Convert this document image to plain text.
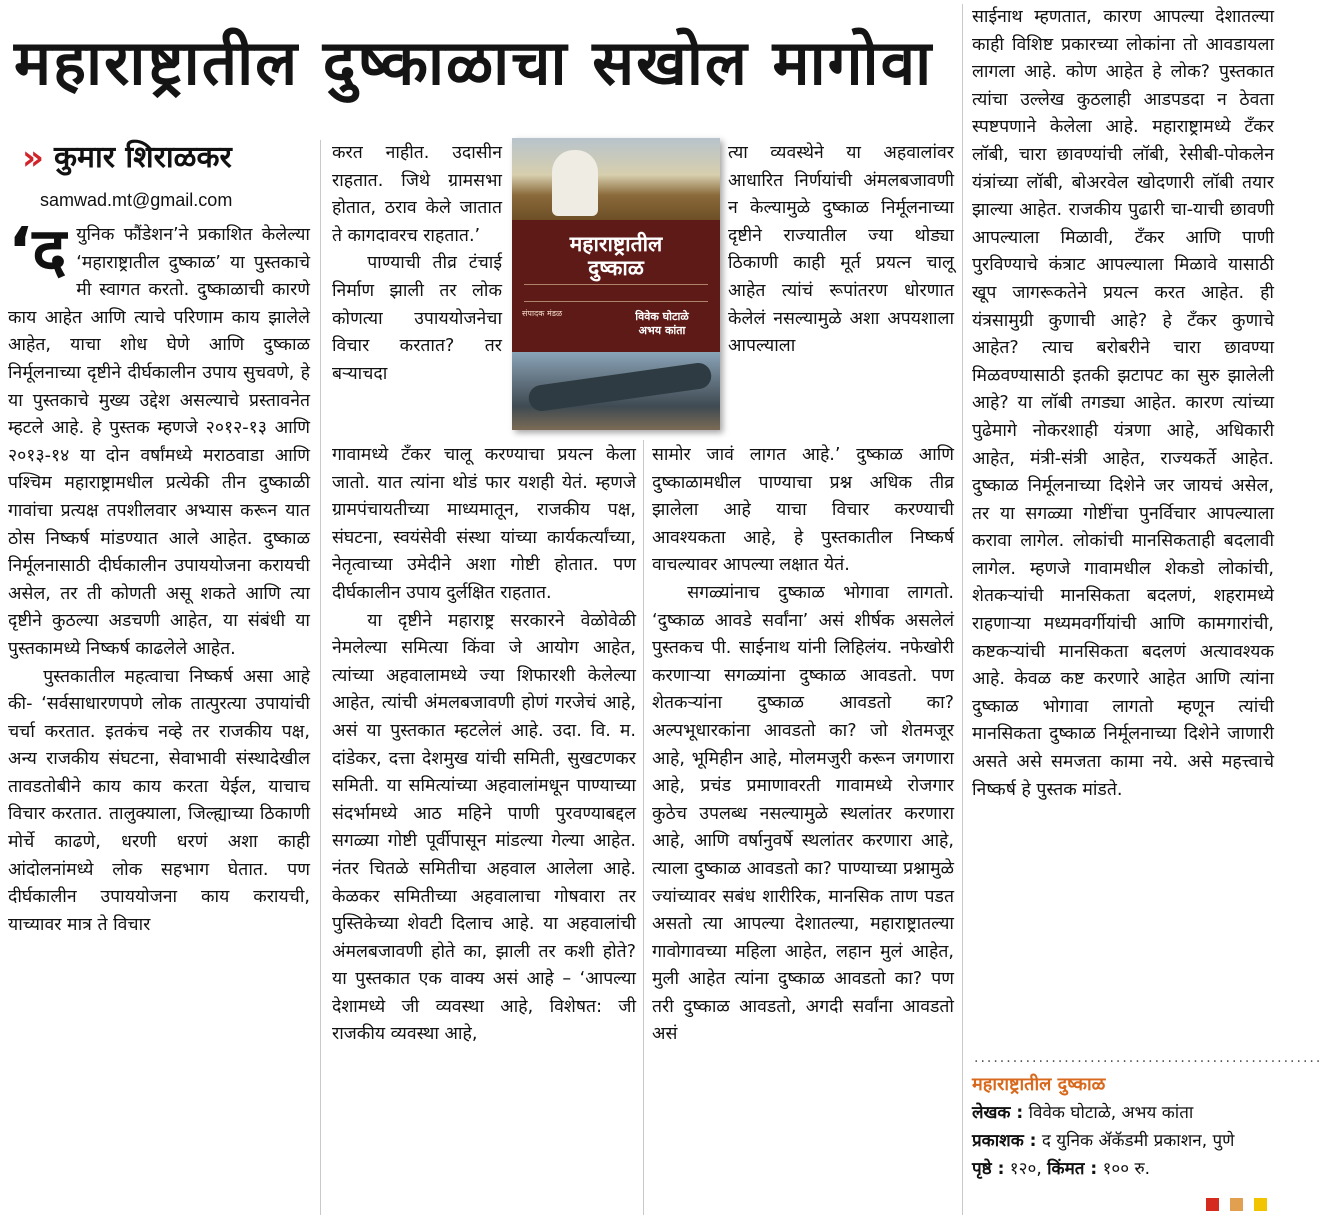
महाराष्ट्रातील दुष्काळाचा सखोल मागोवा
» कुमार शिराळकर
samwad.mt@gmail.com
‘द युनिक फौंडेशन’ने प्रकाशित केलेल्या ‘महाराष्ट्रातील दुष्काळ’ या पुस्तकाचे मी स्वागत करतो. दुष्काळाची कारणे काय आहेत आणि त्याचे परिणाम काय झालेले आहेत, याचा शोध घेणे आणि दुष्काळ निर्मूलनाच्या दृष्टीने दीर्घकालीन उपाय सुचवणे, हे या पुस्तकाचे मुख्य उद्देश असल्याचे प्रस्तावनेत म्हटले आहे. हे पुस्तक म्हणजे २०१२-१३ आणि २०१३-१४ या दोन वर्षांमध्ये मराठवाडा आणि पश्चिम महाराष्ट्रामधील प्रत्येकी तीन दुष्काळी गावांचा प्रत्यक्ष तपशीलवार अभ्यास करून यात ठोस निष्कर्ष मांडण्यात आले आहेत. दुष्काळ निर्मूलनासाठी दीर्घकालीन उपाययोजना करायची असेल, तर ती कोणती असू शकते आणि त्या दृष्टीने कुठल्या अडचणी आहेत, या संबंधी या पुस्तकामध्ये निष्कर्ष काढलेले आहेत.

पुस्तकातील महत्वाचा निष्कर्ष असा आहे की- ‘सर्वसाधारणपणे लोक तात्पुरत्या उपायांची चर्चा करतात. इतकंच नव्हे तर राजकीय पक्ष, अन्य राजकीय संघटना, सेवाभावी संस्थादेखील तावडतोबीने काय काय करता येईल, याचाच विचार करतात. तालुक्याला, जिल्ह्याच्या ठिकाणी मोर्चे काढणे, धरणी धरणं अशा काही आंदोलनांमध्ये लोक सहभाग घेतात. पण दीर्घकालीन उपाययोजना काय करायची, याच्यावर मात्र ते विचार

करत नाहीत. उदासीन राहतात. जिथे ग्रामसभा होतात, ठराव केले जातात ते कागदावरच राहतात.’

पाण्याची तीव्र टंचाई निर्माण झाली तर लोक कोणत्या उपाययोजनेचा विचार करतात? तर बऱ्याचदा

महाराष्ट्रातील
दुष्काळ
संपादक मंडळ	विवेक घोटाळे
अभय कांता

गावामध्ये टँकर चालू करण्याचा प्रयत्न केला जातो. यात त्यांना थोडं फार यशही येतं. म्हणजे ग्रामपंचायतीच्या माध्यमातून, राजकीय पक्ष, संघटना, स्वयंसेवी संस्था यांच्या कार्यकर्त्यांच्या, नेतृत्वाच्या उमेदीने अशा गोष्टी होतात. पण दीर्घकालीन उपाय दुर्लक्षित राहतात.

या दृष्टीने महाराष्ट्र सरकारने वेळोवेळी नेमलेल्या समित्या किंवा जे आयोग आहेत, त्यांच्या अहवालामध्ये ज्या शिफारशी केलेल्या आहेत, त्यांची अंमलबजावणी होणं गरजेचं आहे, असं या पुस्तकात म्हटलेलं आहे. उदा. वि. म. दांडेकर, दत्ता देशमुख यांची समिती, सुखटणकर समिती. या समित्यांच्या अहवालांमधून पाण्याच्या संदर्भामध्ये आठ महिने पाणी पुरवण्याबद्दल सगळ्या गोष्टी पूर्वीपासून मांडल्या गेल्या आहेत. नंतर चितळे समितीचा अहवाल आलेला आहे. केळकर समितीच्या अहवालाचा गोषवारा तर पुस्तिकेच्या शेवटी दिलाच आहे. या अहवालांची अंमलबजावणी होते का, झाली तर कशी होते? या पुस्तकात एक वाक्य असं आहे – ‘आपल्या देशामध्ये जी व्यवस्था आहे, विशेषत: जी राजकीय व्यवस्था आहे,

त्या व्यवस्थेने या अहवालांवर आधारित निर्णयांची अंमलबजावणी न केल्यामुळे दुष्काळ निर्मूलनाच्या दृष्टीने राज्यातील ज्या थोड्या ठिकाणी काही मूर्त प्रयत्न चालू आहेत त्यांचं रूपांतरण धोरणात केलेलं नसल्यामुळे अशा अपयशाला आपल्याला

सामोर जावं लागत आहे.’ दुष्काळ आणि दुष्काळामधील पाण्याचा प्रश्न अधिक तीव्र झालेला आहे याचा विचार करण्याची आवश्यकता आहे, हे पुस्तकातील निष्कर्ष वाचल्यावर आपल्या लक्षात येतं.

सगळ्यांनाच दुष्काळ भोगावा लागतो. ‘दुष्काळ आवडे सर्वांना’ असं शीर्षक असलेलं पुस्तकच पी. साईनाथ यांनी लिहिलंय. नफेखोरी करणाऱ्या सगळ्यांना दुष्काळ आवडतो. पण शेतकऱ्यांना दुष्काळ आवडतो का? अल्पभूधारकांना आवडतो का? जो शेतमजूर आहे, भूमिहीन आहे, मोलमजुरी करून जगणारा आहे, प्रचंड प्रमाणावरती गावामध्ये रोजगार कुठेच उपलब्ध नसल्यामुळे स्थलांतर करणारा आहे, आणि वर्षानुवर्षे स्थलांतर करणारा आहे, त्याला दुष्काळ आवडतो का? पाण्याच्या प्रश्नामुळे ज्यांच्यावर सबंध शारीरिक, मानसिक ताण पडत असतो त्या आपल्या देशातल्या, महाराष्ट्रातल्या गावोगावच्या महिला आहेत, लहान मुलं आहेत, मुली आहेत त्यांना दुष्काळ आवडतो का? पण तरी दुष्काळ आवडतो, अगदी सर्वांना आवडतो असं

साईनाथ म्हणतात, कारण आपल्या देशातल्या काही विशिष्ट प्रकारच्या लोकांना तो आवडायला लागला आहे. कोण आहेत हे लोक? पुस्तकात त्यांचा उल्लेख कुठलाही आडपडदा न ठेवता स्पष्टपणाने केलेला आहे. महाराष्ट्रामध्ये टँकर लॉबी, चारा छावण्यांची लॉबी, रेसीबी-पोकलेन यंत्रांच्या लॉबी, बोअरवेल खोदणारी लॉबी तयार झाल्या आहेत. राजकीय पुढारी चा-याची छावणी आपल्याला मिळावी, टँकर आणि पाणी पुरविण्याचे कंत्राट आपल्याला मिळावे यासाठी खूप जागरूकतेने प्रयत्न करत आहेत. ही यंत्रसामुग्री कुणाची आहे? हे टँकर कुणाचे आहेत? त्याच बरोबरीने चारा छावण्या मिळवण्यासाठी इतकी झटापट का सुरु झालेली आहे? या लॉबी तगड्या आहेत. कारण त्यांच्या पुढेमागे नोकरशाही यंत्रणा आहे, अधिकारी आहेत, मंत्री-संत्री आहेत, राज्यकर्ते आहेत. दुष्काळ निर्मूलनाच्या दिशेने जर जायचं असेल, तर या सगळ्या गोष्टींचा पुनर्विचार आपल्याला करावा लागेल. लोकांची मानसिकताही बदलावी लागेल. म्हणजे गावामधील शेकडो लोकांची, शेतकऱ्यांची मानसिकता बदलणं, शहरामध्ये राहणाऱ्या मध्यमवर्गीयांची आणि कामगारांची, कष्टकऱ्यांची मानसिकता बदलणं अत्यावश्यक आहे. केवळ कष्ट करणारे आहेत आणि त्यांना दुष्काळ भोगावा लागतो म्हणून त्यांची मानसिकता दुष्काळ निर्मूलनाच्या दिशेने जाणारी असते असे समजता कामा नये. असे महत्त्वाचे निष्कर्ष हे पुस्तक मांडते.

......................................................
महाराष्ट्रातील दुष्काळ
लेखक : विवेक घोटाळे, अभय कांता
प्रकाशक : द युनिक ॲकॅडमी प्रकाशन, पुणे
पृष्ठे : १२०, किंमत : १०० रु.
